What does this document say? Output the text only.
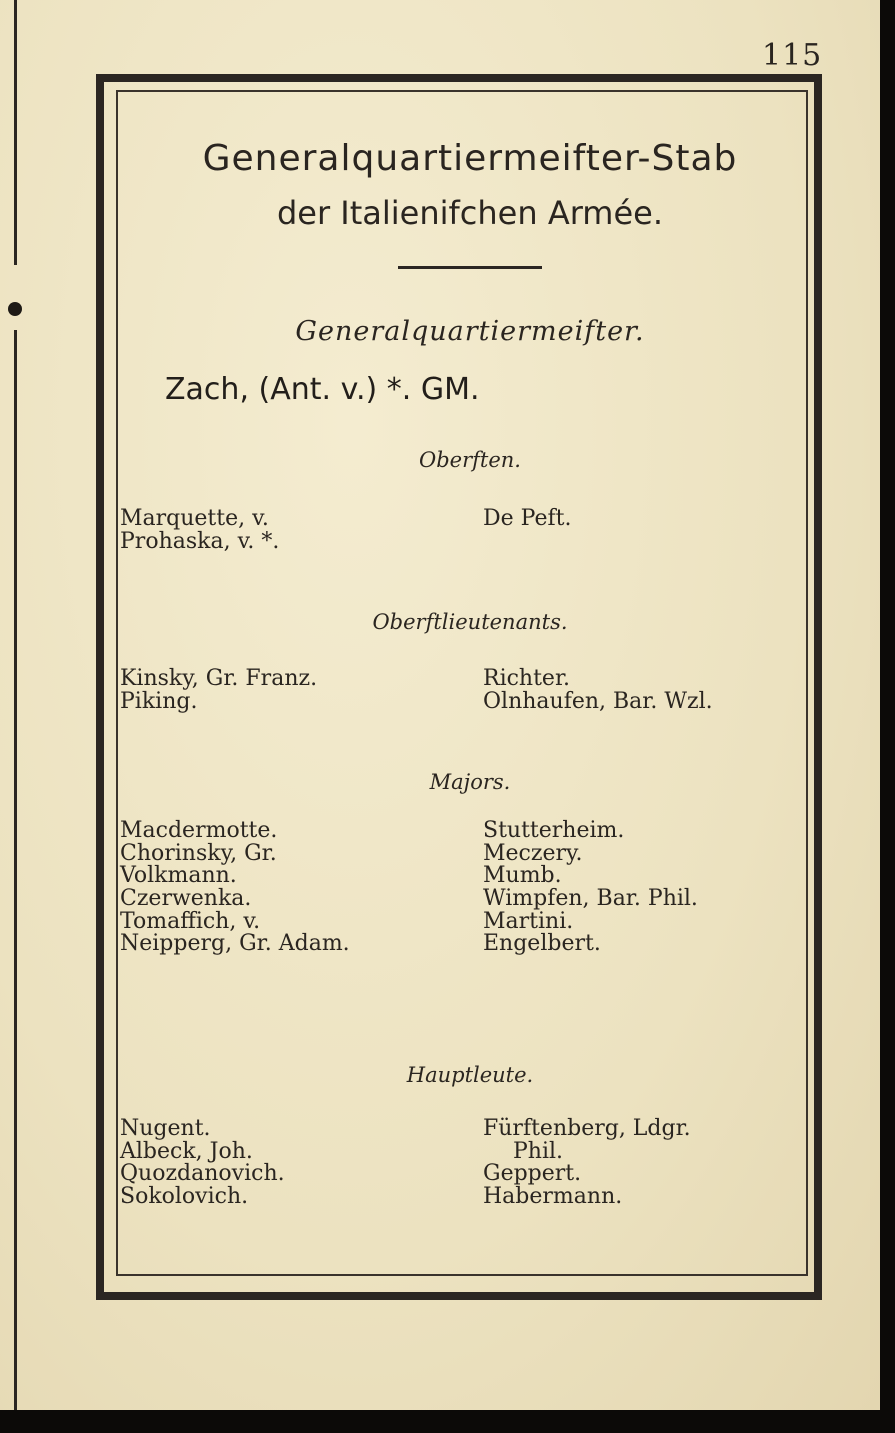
115
Generalquartiermeifter-Stab
der Italienifchen Armée.
Generalquartiermeifter.
Zach, (Ant. v.) *. GM.
Oberften.
Marquette, v.
Prohaska, v. *.
De Peft.
Oberftlieutenants.
Kinsky, Gr. Franz.
Piking.
Richter.
Olnhaufen, Bar. Wzl.
Majors.
Macdermotte.
Chorinsky, Gr.
Volkmann.
Czerwenka.
Tomaffich, v.
Neipperg, Gr. Adam.
Stutterheim.
Meczery.
Mumb.
Wimpfen, Bar. Phil.
Martini.
Engelbert.
Hauptleute.
Nugent.
Albeck, Joh.
Quozdanovich.
Sokolovich.
Fürftenberg, Ldgr.
Phil.
Geppert.
Habermann.
